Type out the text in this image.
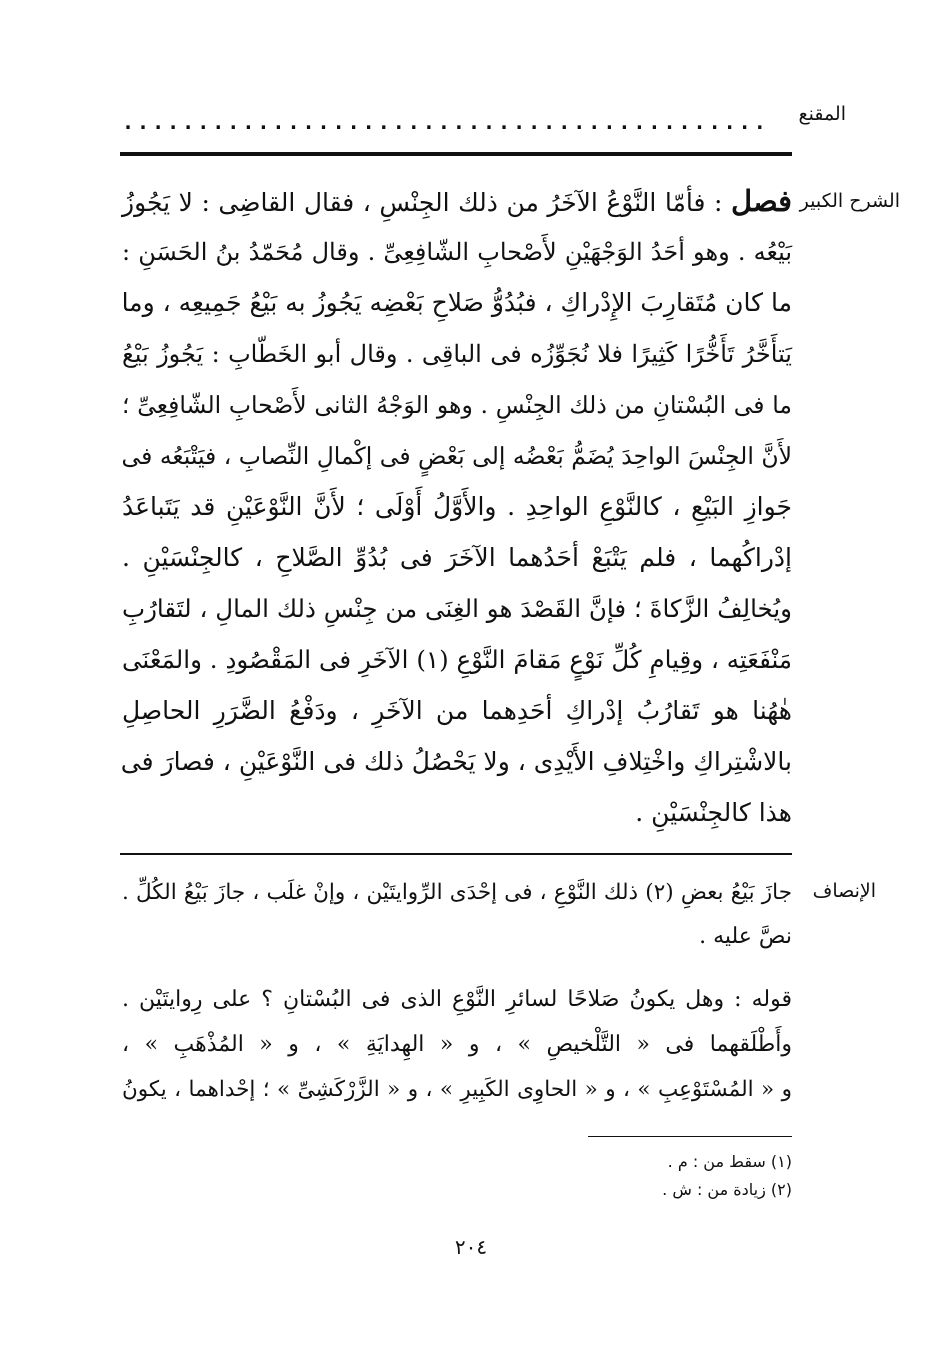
المقنع
...........................................
الشرح الكبير
فصل : فأمّا النَّوْعُ الآخَرُ من ذلك الجِنْسِ ، فقال القاضِى : لا يَجُوزُ
بَيْعُه . وهو أحَدُ الوَجْهَيْنِ لأَصْحابِ الشّافِعِىِّ . وقال مُحَمّدُ بنُ الحَسَنِ :
ما كان مُتَقارِبَ الإِدْراكِ ، فبُدُوُّ صَلاحِ بَعْضِه يَجُوزُ به بَيْعُ جَمِيعِه ، وما
يَتأَخَّرُ تَأَخُّرًا كَثِيرًا فلا نُجَوِّزُه فى الباقِى . وقال أبو الخَطّابِ : يَجُوزُ بَيْعُ
ما فى البُسْتانِ من ذلك الجِنْسِ . وهو الوَجْهُ الثانى لأَصْحابِ الشّافِعِىِّ ؛
لأَنَّ الجِنْسَ الواحِدَ يُضَمُّ بَعْضُه إلى بَعْضٍ فى إكْمالِ النِّصابِ ، فيَتْبَعُه فى
جَوازِ البَيْعِ ، كالنَّوْعِ الواحِدِ . والأَوَّلُ أَوْلَى ؛ لأَنَّ النَّوْعَيْنِ قد يَتَباعَدُ
إدْراكُهما ، فلم يَتْبَعْ أحَدُهما الآخَرَ فى بُدُوِّ الصَّلاحِ ، كالجِنْسَيْنِ .
ويُخالِفُ الزَّكاةَ ؛ فإنَّ القَصْدَ هو الغِنَى من جِنْسِ ذلك المالِ ، لتَقارُبِ
مَنْفَعَتِه ، وقِيامِ كُلِّ نَوْعٍ مَقامَ النَّوْعِ (١) الآخَرِ فى المَقْصُودِ . والمَعْنَى
هٰهُنا هو تَقارُبُ إدْراكِ أحَدِهما من الآخَرِ ، ودَفْعُ الضَّرَرِ الحاصِلِ
بالاشْتِراكِ واخْتِلافِ الأَيْدِى ، ولا يَحْصُلُ ذلك فى النَّوْعَيْنِ ، فصارَ فى
هذا كالجِنْسَيْنِ .
الإنصاف
جازَ بَيْعُ بعضِ (٢) ذلك النَّوْعِ ، فى إحْدَى الرِّوايتَيْن ، وإنْ غلَب ، جازَ بَيْعُ الكُلِّ .
نصَّ عليه .
قوله : وهل يكونُ صَلاحًا لسائرِ النَّوْعِ الذى فى البُسْتانِ ؟ على رِوايتَيْن .
وأَطْلَقهما فى « التَّلْخيصِ » ، و « الهِدايَةِ » ، و « المُذْهَبِ » ،
و « المُسْتَوْعِبِ » ، و « الحاوِى الكَبِيرِ » ، و « الزَّرْكَشِىِّ » ؛ إحْداهما ، يكونُ
(١) سقط من : م .
(٢) زيادة من : ش .
٢٠٤
